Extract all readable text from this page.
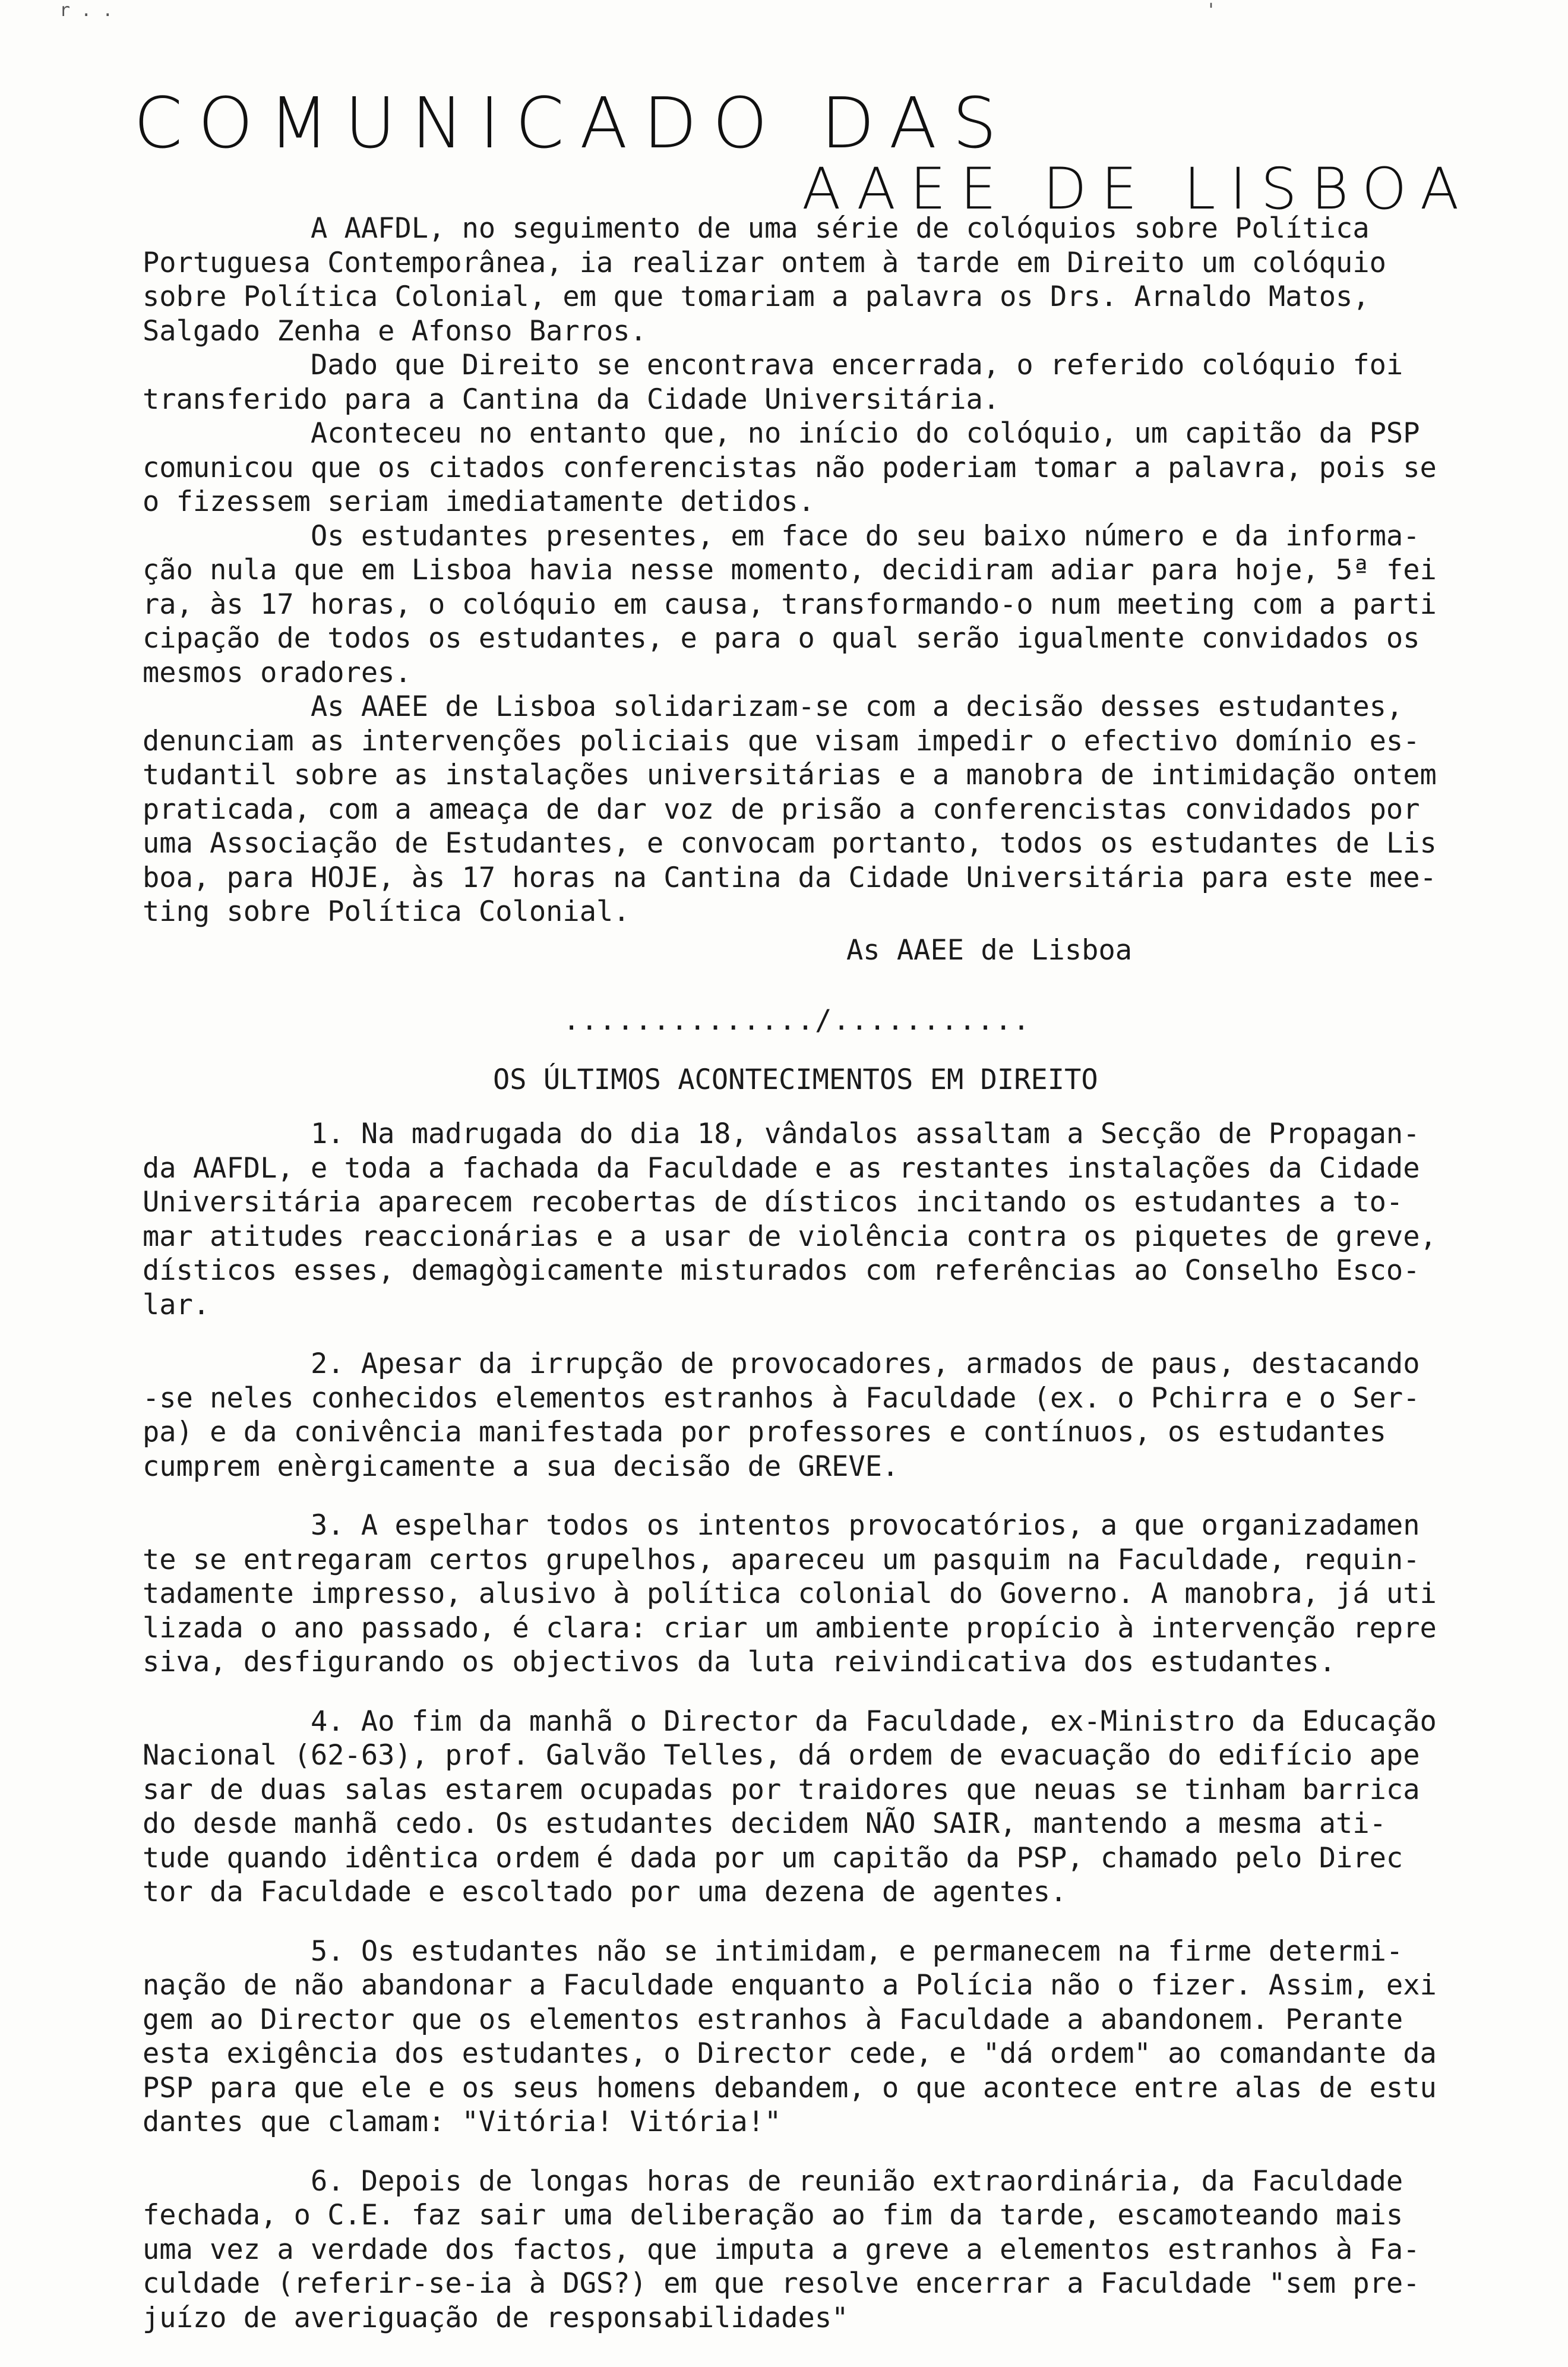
r . .	'
COMUNICADO DAS
AAEE DE LISBOA

A AAFDL, no seguimento de uma série de colóquios sobre Política

Portuguesa Contemporânea, ia realizar ontem à tarde em Direito um colóquio

sobre Política Colonial, em que tomariam a palavra os Drs. Arnaldo Matos,

Salgado Zenha e Afonso Barros.

Dado que Direito se encontrava encerrada, o referido colóquio foi

transferido para a Cantina da Cidade Universitária.

Aconteceu no entanto que, no início do colóquio, um capitão da PSP

comunicou que os citados conferencistas não poderiam tomar a palavra, pois se

o fizessem seriam imediatamente detidos.

Os estudantes presentes, em face do seu baixo número e da informa-

ção nula que em Lisboa havia nesse momento, decidiram adiar para hoje, 5ª fei

ra, às 17 horas, o colóquio em causa, transformando-o num meeting com a parti

cipação de todos os estudantes, e para o qual serão igualmente convidados os

mesmos oradores.

As AAEE de Lisboa solidarizam-se com a decisão desses estudantes,

denunciam as intervenções policiais que visam impedir o efectivo domínio es-

tudantil sobre as instalações universitárias e a manobra de intimidação ontem

praticada, com a ameaça de dar voz de prisão a conferencistas convidados por

uma Associação de Estudantes, e convocam portanto, todos os estudantes de Lis

boa, para HOJE, às 17 horas na Cantina da Cidade Universitária para este mee-

ting sobre Política Colonial.

As AAEE de Lisboa
............../...........
OS ÚLTIMOS ACONTECIMENTOS EM DIREITO

1. Na madrugada do dia 18, vândalos assaltam a Secção de Propagan-

da AAFDL, e toda a fachada da Faculdade e as restantes instalações da Cidade

Universitária aparecem recobertas de dísticos incitando os estudantes a to-

mar atitudes reaccionárias e a usar de violência contra os piquetes de greve,

dísticos esses, demagògicamente misturados com referências ao Conselho Esco-

lar.

2. Apesar da irrupção de provocadores, armados de paus, destacando

-se neles conhecidos elementos estranhos à Faculdade (ex. o Pchirra e o Ser-

pa) e da conivência manifestada por professores e contínuos, os estudantes

cumprem enèrgicamente a sua decisão de GREVE.

3. A espelhar todos os intentos provocatórios, a que organizadamen

te se entregaram certos grupelhos, apareceu um pasquim na Faculdade, requin-

tadamente impresso, alusivo à política colonial do Governo. A manobra, já uti

lizada o ano passado, é clara: criar um ambiente propício à intervenção repre

siva, desfigurando os objectivos da luta reivindicativa dos estudantes.

4. Ao fim da manhã o Director da Faculdade, ex-Ministro da Educação

Nacional (62-63), prof. Galvão Telles, dá ordem de evacuação do edifício ape

sar de duas salas estarem ocupadas por traidores que neuas se tinham barrica

do desde manhã cedo. Os estudantes decidem NÃO SAIR, mantendo a mesma ati-

tude quando idêntica ordem é dada por um capitão da PSP, chamado pelo Direc

tor da Faculdade e escoltado por uma dezena de agentes.

5. Os estudantes não se intimidam, e permanecem na firme determi-

nação de não abandonar a Faculdade enquanto a Polícia não o fizer. Assim, exi

gem ao Director que os elementos estranhos à Faculdade a abandonem. Perante

esta exigência dos estudantes, o Director cede, e "dá ordem" ao comandante da

PSP para que ele e os seus homens debandem, o que acontece entre alas de estu

dantes que clamam: "Vitória! Vitória!"

6. Depois de longas horas de reunião extraordinária, da Faculdade

fechada, o C.E. faz sair uma deliberação ao fim da tarde, escamoteando mais

uma vez a verdade dos factos, que imputa a greve a elementos estranhos à Fa-

culdade (referir-se-ia à DGS?) em que resolve encerrar a Faculdade "sem pre-

juízo de averiguação de responsabilidades"
